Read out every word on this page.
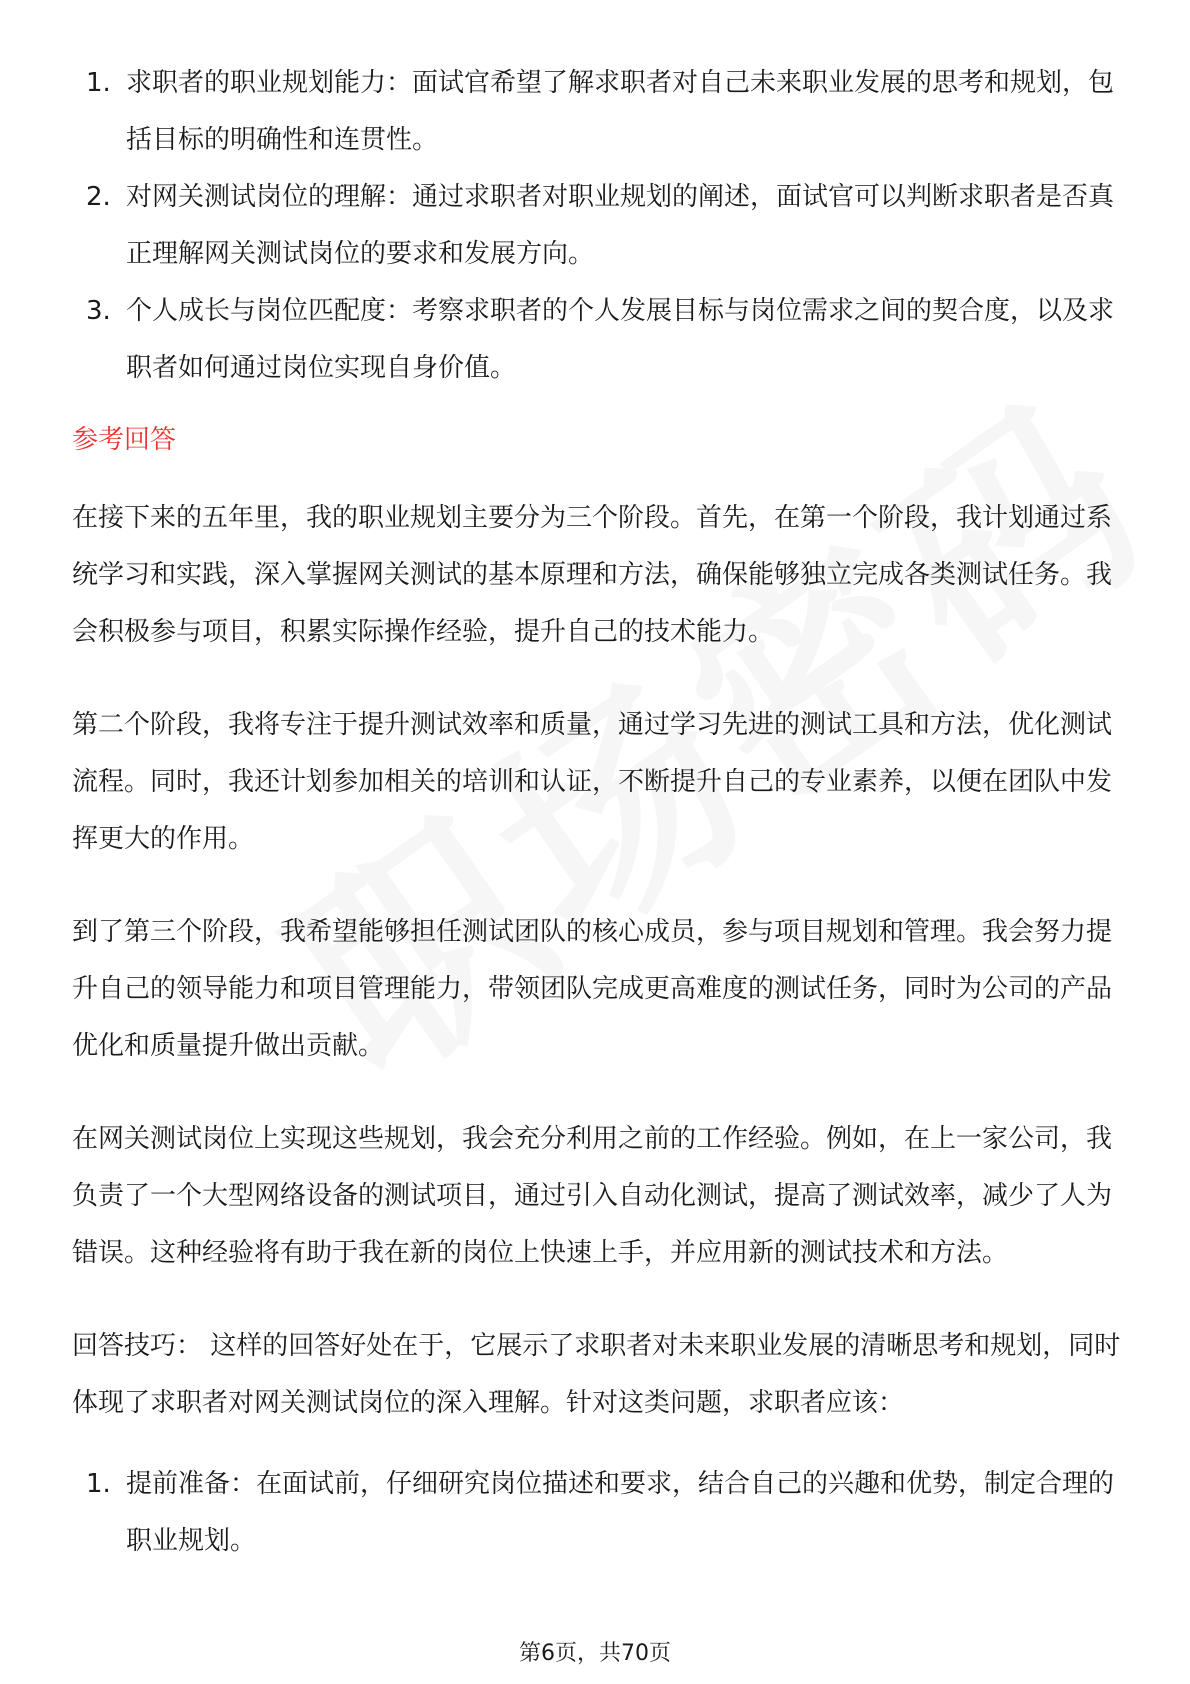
1. 求职者的职业规划能力：面试官希望了解求职者对自己未来职业发展的思考和规划，包括目标的明确性和连贯性。
2. 对网关测试岗位的理解：通过求职者对职业规划的阐述，面试官可以判断求职者是否真正理解网关测试岗位的要求和发展方向。
3. 个人成长与岗位匹配度：考察求职者的个人发展目标与岗位需求之间的契合度，以及求职者如何通过岗位实现自身价值。
参考回答

在接下来的五年里，我的职业规划主要分为三个阶段。首先，在第一个阶段，我计划通过系统学习和实践，深入掌握网关测试的基本原理和方法，确保能够独立完成各类测试任务。我会积极参与项目，积累实际操作经验，提升自己的技术能力。

第二个阶段，我将专注于提升测试效率和质量，通过学习先进的测试工具和方法，优化测试流程。同时，我还计划参加相关的培训和认证，不断提升自己的专业素养，以便在团队中发挥更大的作用。

到了第三个阶段，我希望能够担任测试团队的核心成员，参与项目规划和管理。我会努力提升自己的领导能力和项目管理能力，带领团队完成更高难度的测试任务，同时为公司的产品优化和质量提升做出贡献。

在网关测试岗位上实现这些规划，我会充分利用之前的工作经验。例如，在上一家公司，我负责了一个大型网络设备的测试项目，通过引入自动化测试，提高了测试效率，减少了人为错误。这种经验将有助于我在新的岗位上快速上手，并应用新的测试技术和方法。

回答技巧： 这样的回答好处在于，它展示了求职者对未来职业发展的清晰思考和规划，同时体现了求职者对网关测试岗位的深入理解。针对这类问题，求职者应该：

1. 提前准备：在面试前，仔细研究岗位描述和要求，结合自己的兴趣和优势，制定合理的职业规划。
第6页，共70页
